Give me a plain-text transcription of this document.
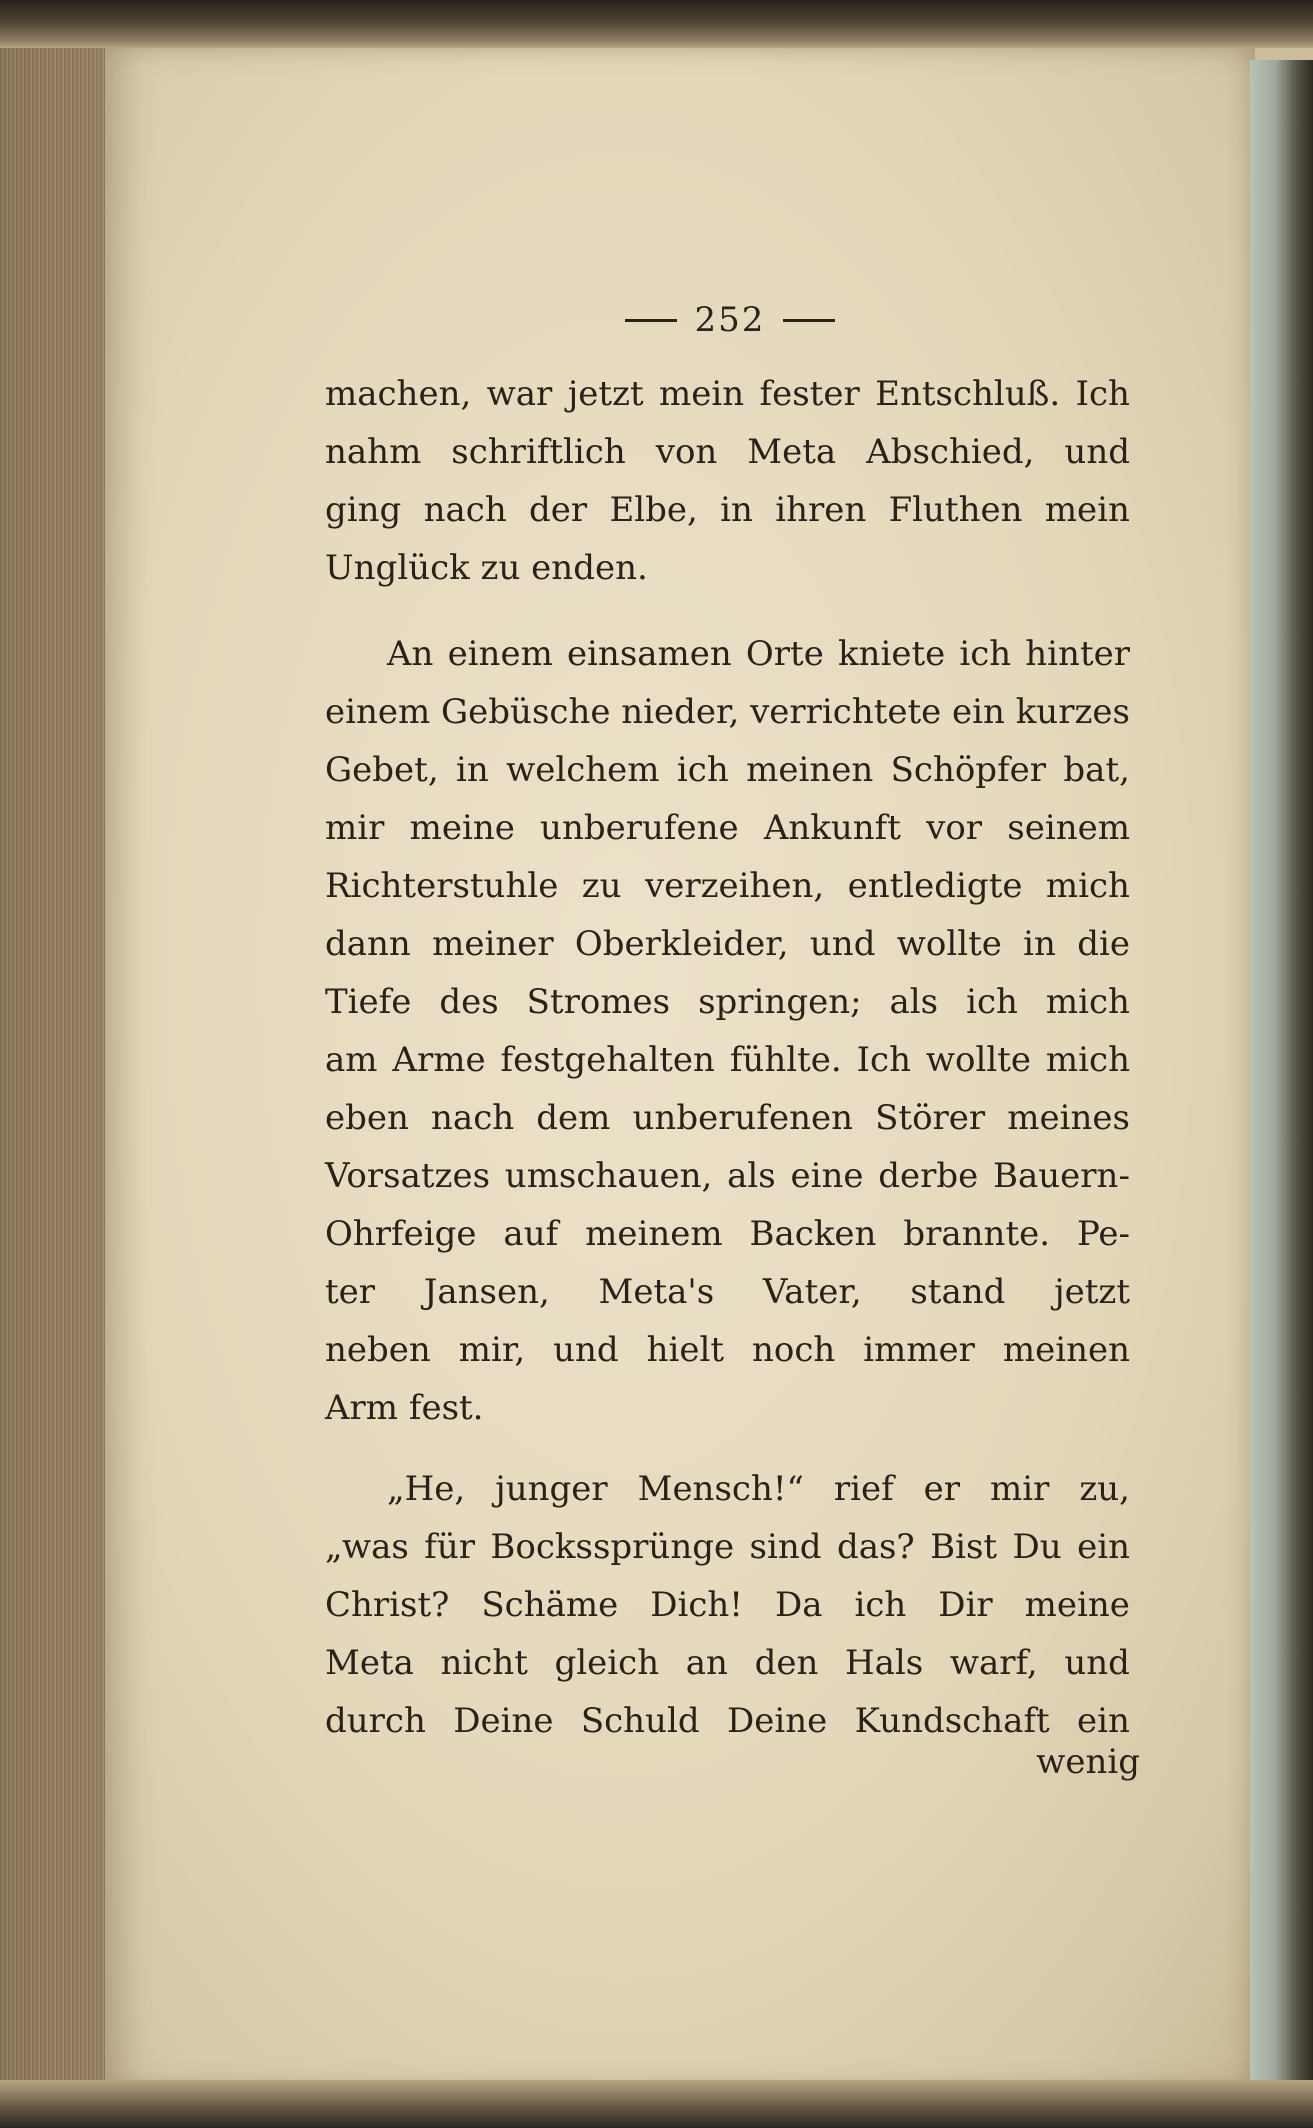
252
machen, war jetzt mein fester Entschluß. Ich
nahm schriftlich von Meta Abschied, und
ging nach der Elbe, in ihren Fluthen mein
Unglück
zu
enden.
An einem einsamen Orte kniete ich hinter
einem Gebüsche nieder, verrichtete ein kurzes
Gebet, in welchem ich meinen Schöpfer bat,
mir meine unberufene Ankunft vor seinem
Richterstuhle zu verzeihen, entledigte mich
dann meiner Oberkleider, und wollte in die
Tiefe des Stromes springen; als ich mich
am Arme festgehalten fühlte. Ich wollte mich
eben nach dem unberufenen Störer meines
Vorsatzes umschauen, als eine derbe Bauern-
Ohrfeige auf meinem Backen brannte. Pe-
ter Jansen, Meta's Vater, stand jetzt
neben mir, und hielt noch immer meinen
Arm
fest.
„He, junger Mensch!“ rief er mir zu,
„was für Bockssprünge sind das? Bist Du ein
Christ? Schäme Dich! Da ich Dir meine
Meta nicht gleich an den Hals warf, und
durch Deine Schuld Deine Kundschaft ein
wenig
